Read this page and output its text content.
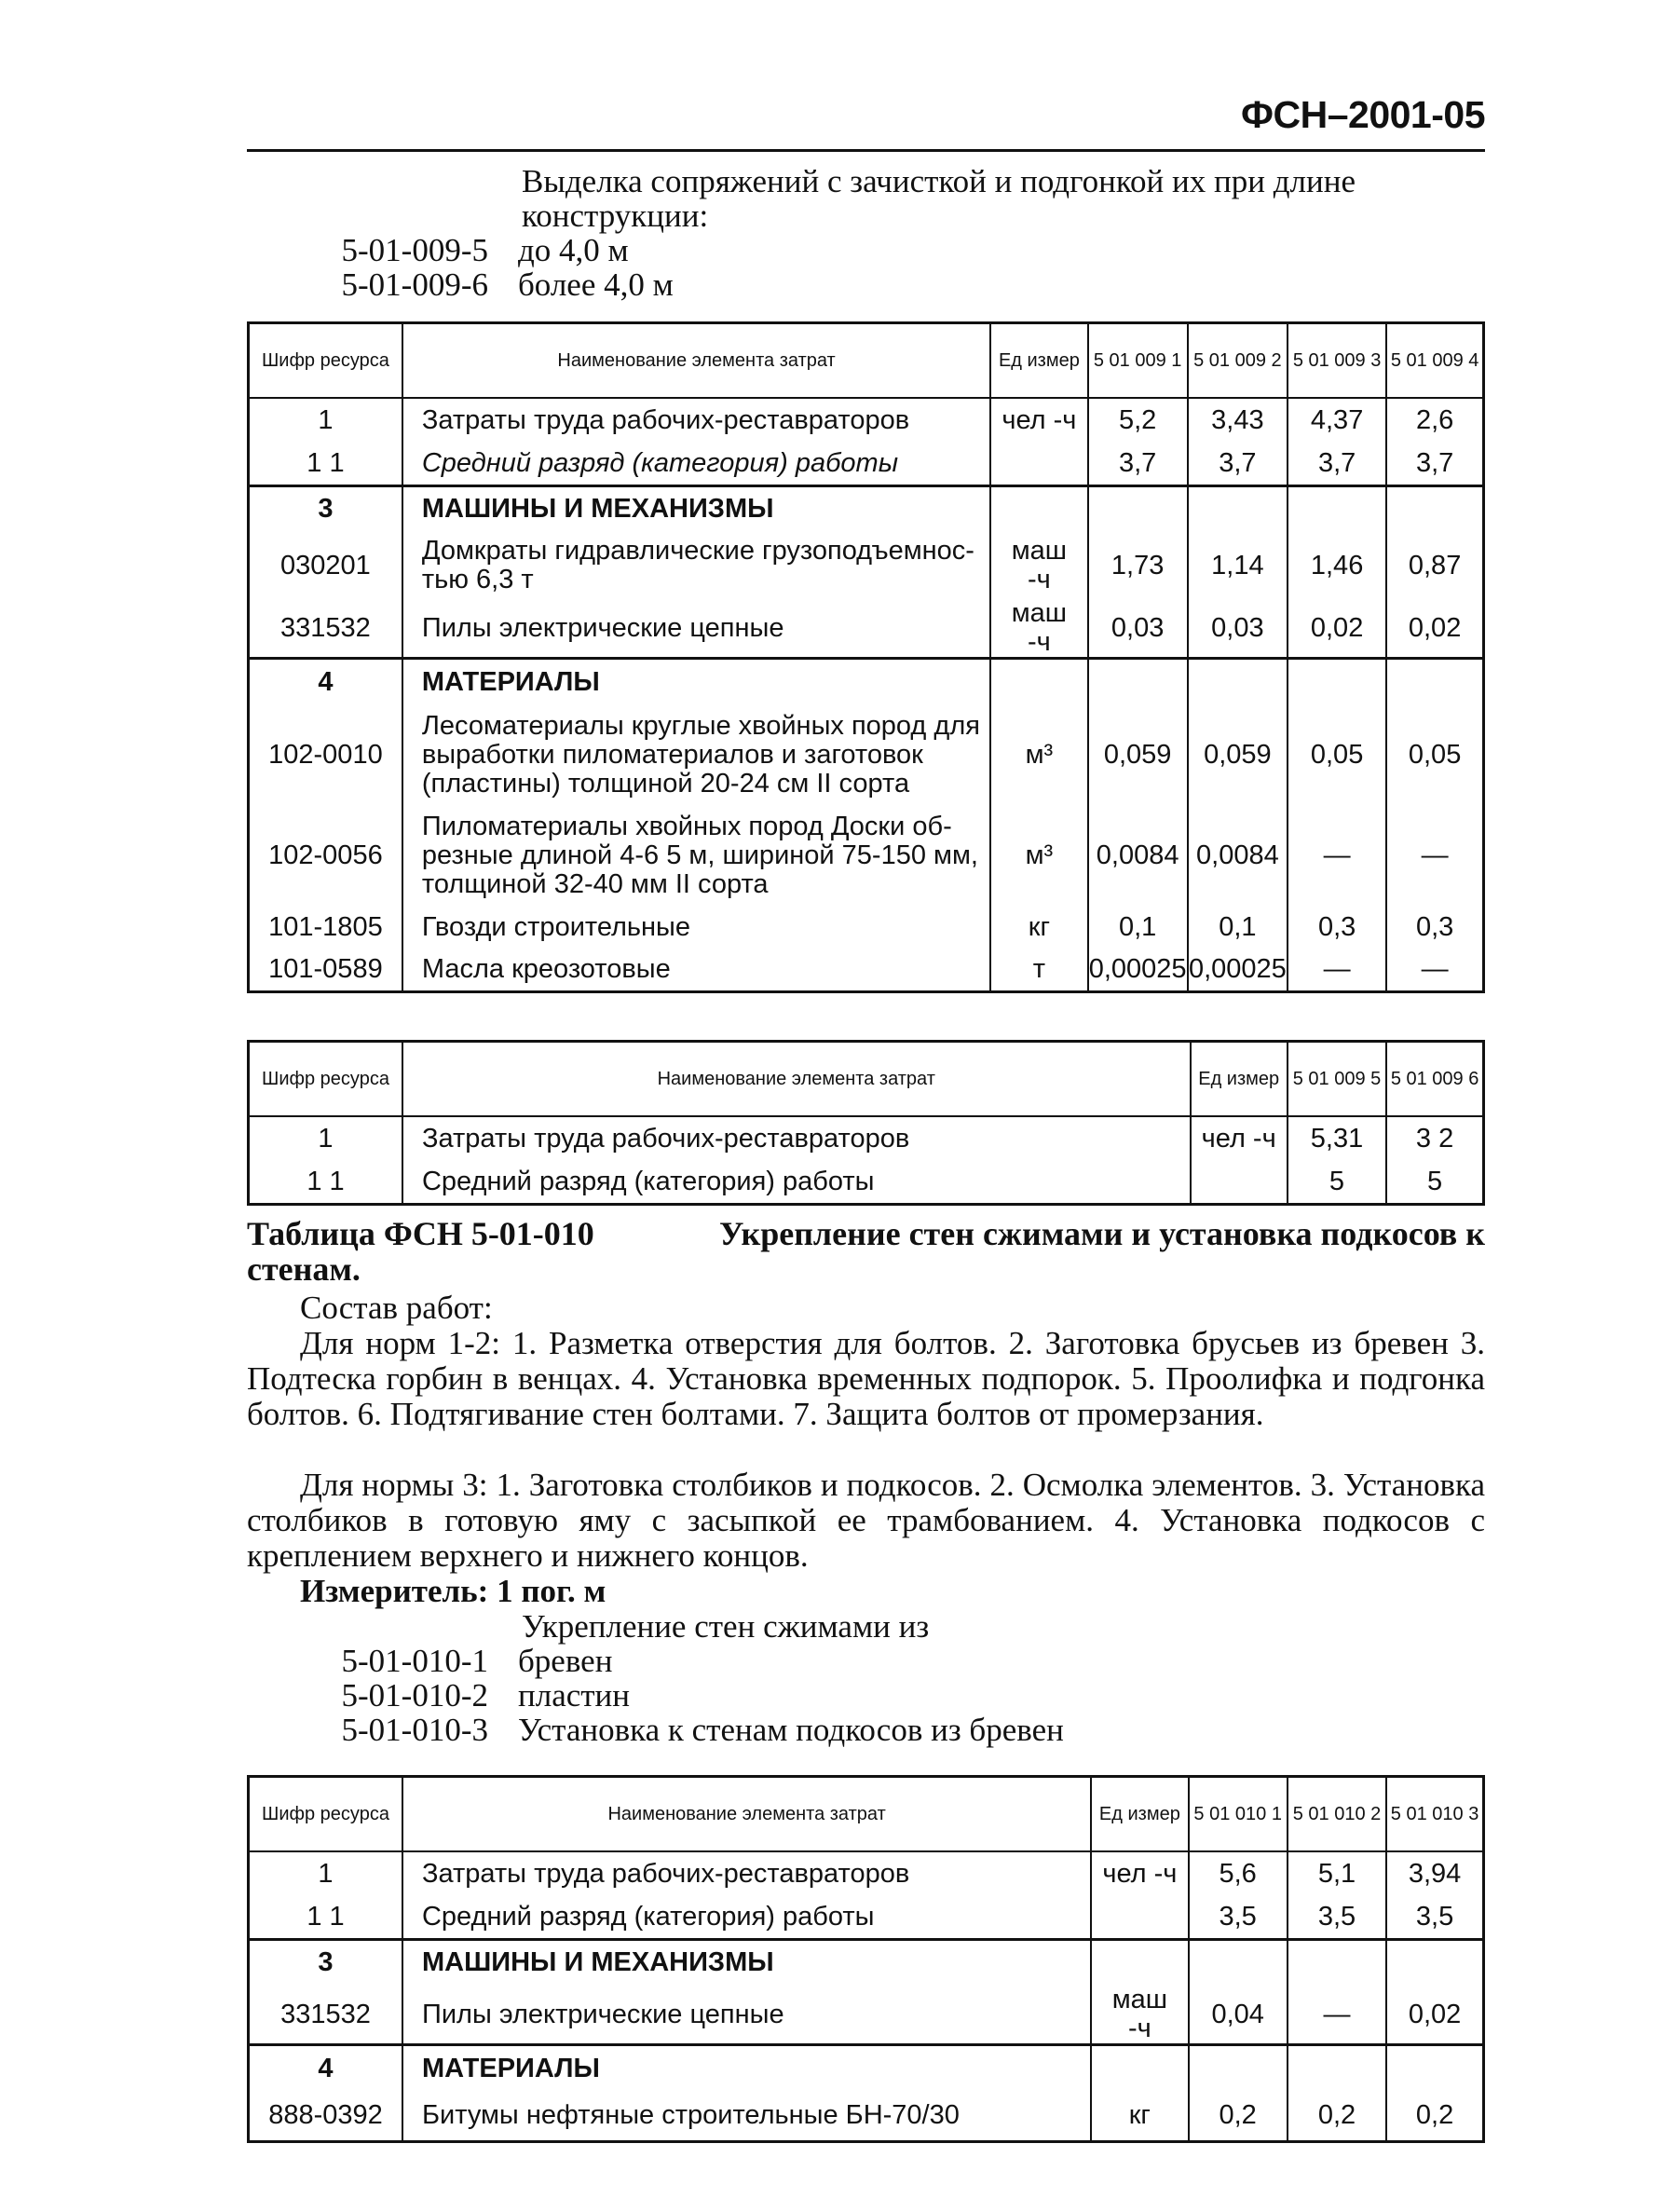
ФСН–2001-05
Выделка сопряжений с зачисткой и подгонкой их при длине
конструкции:
5-01-009-5 до 4,0 м
5-01-009-6 более 4,0 м
Шифр ресурса	Наименование элемента затрат	Ед измер	5 01 009 1	5 01 009 2	5 01 009 3	5 01 009 4
1	Затраты труда рабочих-реставраторов	чел -ч	5,2	3,43	4,37	2,6
1 1	Средний разряд (категория) работы		3,7	3,7	3,7	3,7
3	МАШИНЫ И МЕХАНИЗМЫ					
030201	Домкраты гидравлические грузоподъемнос-тью 6,3 т	маш -ч	1,73	1,14	1,46	0,87
331532	Пилы электрические цепные	маш -ч	0,03	0,03	0,02	0,02
4	МАТЕРИАЛЫ					
102-0010	Лесоматериалы круглые хвойных пород для выработки пиломатериалов и заготовок (пластины) толщиной 20-24 см II сорта	м³	0,059	0,059	0,05	0,05
102-0056	Пиломатериалы хвойных пород Доски об-резные длиной 4-6 5 м, шириной 75-150 мм, толщиной 32-40 мм II сорта	м³	0,0084	0,0084	—	—
101-1805	Гвозди строительные	кг	0,1	0,1	0,3	0,3
101-0589	Масла креозотовые	т	0,00025	0,00025	—	—
Шифр ресурса	Наименование элемента затрат	Ед измер	5 01 009 5	5 01 009 6
1	Затраты труда рабочих-реставраторов	чел -ч	5,31	3 2
1 1	Средний разряд (категория) работы		5	5
Таблица ФСН 5-01-010	Укрепление стен сжимами и установка подкосов к
стенам.
Состав работ:
Для норм 1-2: 1. Разметка отверстия для болтов. 2. Заготовка брусьев из бревен 3. Подтеска горбин в венцах. 4. Установка временных подпорок. 5. Проолифка и подгонка болтов. 6. Подтягивание стен болтами. 7. Защита болтов от промерзания.
Для нормы 3: 1. Заготовка столбиков и подкосов. 2. Осмолка элементов. 3. Установка столбиков в готовую яму с засыпкой ее трамбованием. 4. Установка подкосов с креплением верхнего и нижнего концов.
Измеритель: 1 пог. м
Укрепление стен сжимами из
5-01-010-1 бревен
5-01-010-2 пластин
5-01-010-3 Установка к стенам подкосов из бревен
Шифр ресурса	Наименование элемента затрат	Ед измер	5 01 010 1	5 01 010 2	5 01 010 3
1	Затраты труда рабочих-реставраторов	чел -ч	5,6	5,1	3,94
1 1	Средний разряд (категория) работы		3,5	3,5	3,5
3	МАШИНЫ И МЕХАНИЗМЫ				
331532	Пилы электрические цепные	маш -ч	0,04	—	0,02
4	МАТЕРИАЛЫ				
888-0392	Битумы нефтяные строительные БН-70/30	кг	0,2	0,2	0,2
